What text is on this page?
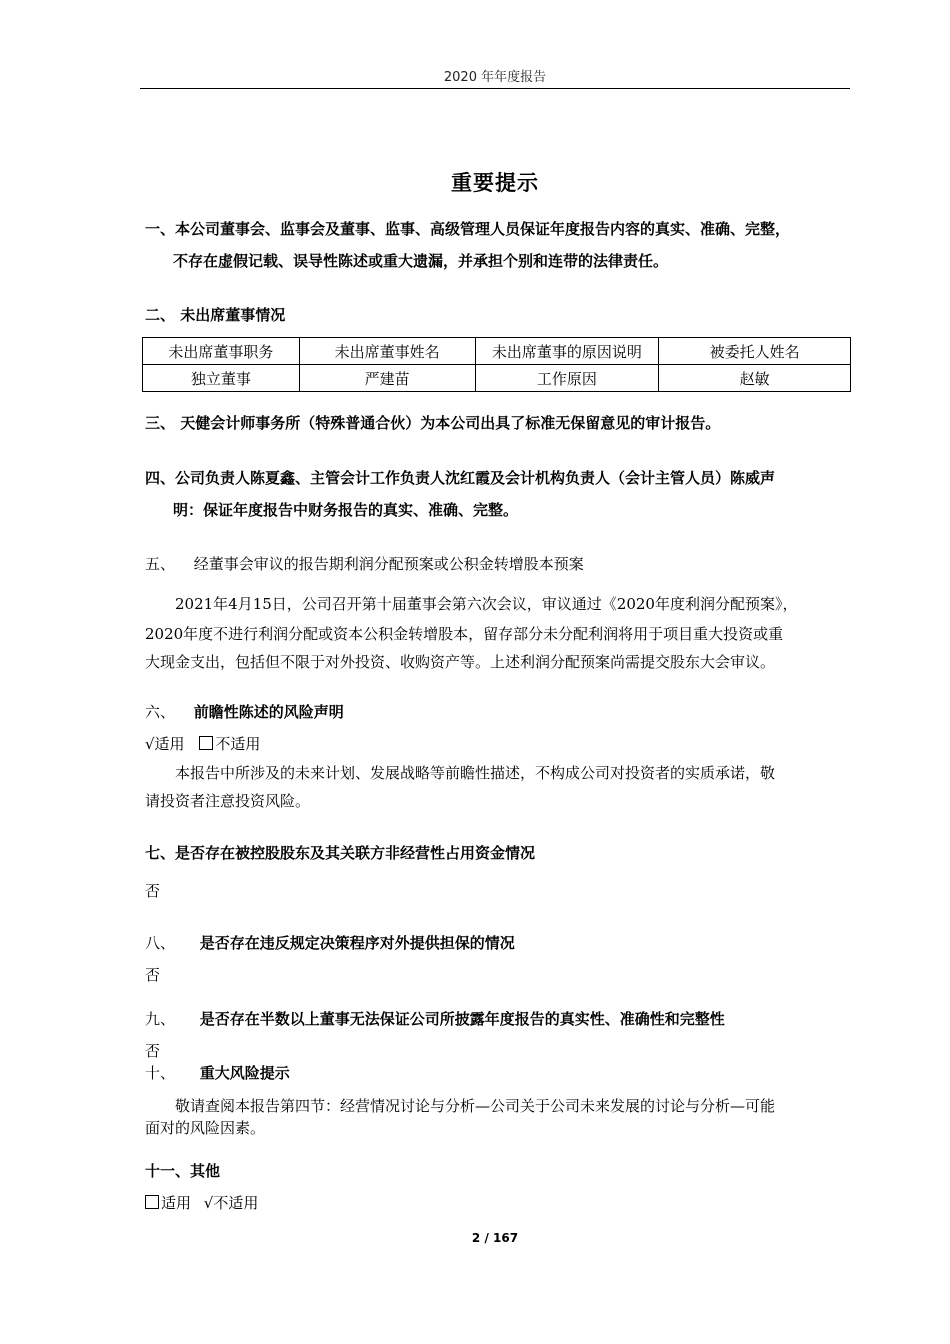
2020 年年度报告
重要提示
一、本公司董事会、监事会及董事、监事、高级管理人员保证年度报告内容的真实、准确、完整，
不存在虚假记载、误导性陈述或重大遗漏，并承担个别和连带的法律责任。
二、 未出席董事情况
未出席董事职务	未出席董事姓名	未出席董事的原因说明	被委托人姓名
独立董事	严建苗	工作原因	赵敏
三、 天健会计师事务所（特殊普通合伙）为本公司出具了标准无保留意见的审计报告。
四、公司负责人陈夏鑫、主管会计工作负责人沈红霞及会计机构负责人（会计主管人员）陈威声
明：保证年度报告中财务报告的真实、准确、完整。
五、 经董事会审议的报告期利润分配预案或公积金转增股本预案
2021年4月15日，公司召开第十届董事会第六次会议，审议通过《2020年度利润分配预案》，
2020年度不进行利润分配或资本公积金转增股本，留存部分未分配利润将用于项目重大投资或重
大现金支出，包括但不限于对外投资、收购资产等。上述利润分配预案尚需提交股东大会审议。
六、 前瞻性陈述的风险声明
√适用 不适用
本报告中所涉及的未来计划、发展战略等前瞻性描述，不构成公司对投资者的实质承诺，敬
请投资者注意投资风险。
七、是否存在被控股股东及其关联方非经营性占用资金情况
否
八、 是否存在违反规定决策程序对外提供担保的情况
否
九、 是否存在半数以上董事无法保证公司所披露年度报告的真实性、准确性和完整性
否
十、 重大风险提示
敬请查阅本报告第四节：经营情况讨论与分析—公司关于公司未来发展的讨论与分析—可能
面对的风险因素。
十一、其他
适用 √不适用
2 / 167
